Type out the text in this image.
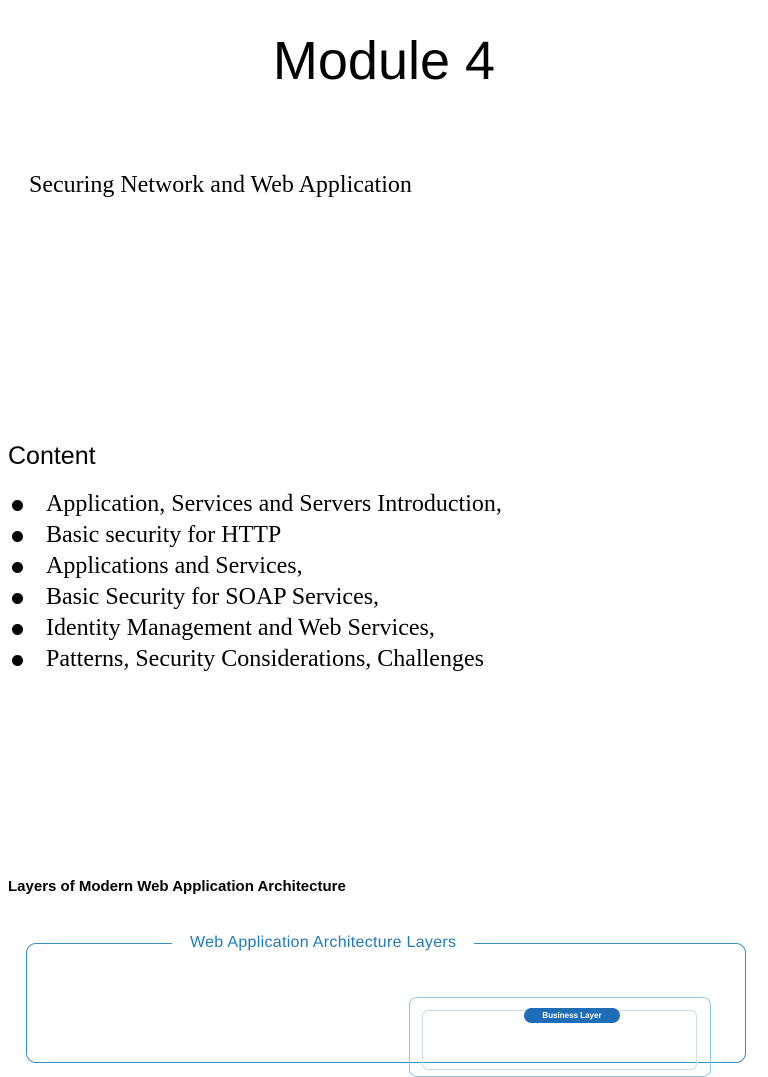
Module 4

Securing Network and Web Application

Content
Application, Services and Servers Introduction,
Basic security for HTTP
Applications and Services,
Basic Security for SOAP Services,
Identity Management and Web Services,
Patterns, Security Considerations, Challenges
Layers of Modern Web Application Architecture
Web Application Architecture Layers
Business Layer
